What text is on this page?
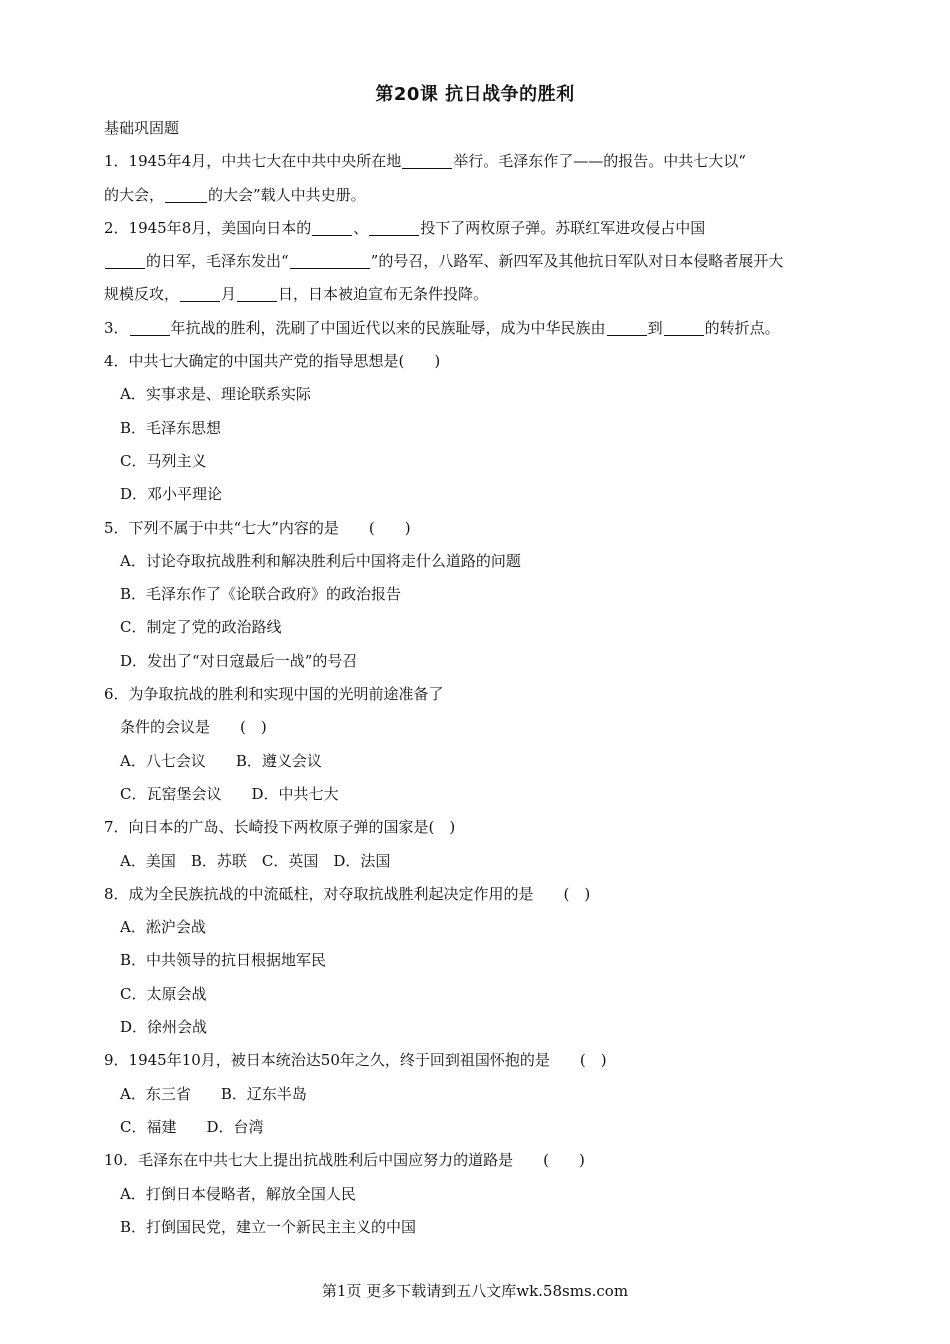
第20课 抗日战争的胜利
基础巩固题
1．1945年4月，中共七大在中共中央所在地	举行。毛泽东作了——的报告。中共七大以“
的大会，	的大会”载人中共史册。
2．1945年8月，美国向日本的	、	投下了两枚原子弹。苏联红军进攻侵占中国
的日军，毛泽东发出“	”的号召，八路军、新四军及其他抗日军队对日本侵略者展开大
规模反攻，	月	日，日本被迫宣布无条件投降。
3．	年抗战的胜利，洗刷了中国近代以来的民族耻辱，成为中华民族由	到	的转折点。
4．中共七大确定的中国共产党的指导思想是(　　)
A．实事求是、理论联系实际
B．毛泽东思想
C．马列主义
D．邓小平理论
5．下列不属于中共“七大”内容的是　　(　　)
A．讨论夺取抗战胜利和解决胜利后中国将走什么道路的问题
B．毛泽东作了《论联合政府》的政治报告
C．制定了党的政治路线
D．发出了“对日寇最后一战”的号召
6．为争取抗战的胜利和实现中国的光明前途准备了
条件的会议是　　(　)
A．八七会议　　B．遵义会议
C．瓦窑堡会议　　D．中共七大
7．向日本的广岛、长崎投下两枚原子弹的国家是(　)
A．美国　B．苏联　C．英国　D．法国
8．成为全民族抗战的中流砥柱，对夺取抗战胜利起决定作用的是　　(　)
A．淞沪会战
B．中共领导的抗日根据地军民
C．太原会战
D．徐州会战
9．1945年10月，被日本统治达50年之久，终于回到祖国怀抱的是　　(　)
A．东三省　　B．辽东半岛
C．福建　　D．台湾
10．毛泽东在中共七大上提出抗战胜利后中国应努力的道路是　　(　　)
A．打倒日本侵略者，解放全国人民
B．打倒国民党，建立一个新民主主义的中国
第1页 更多下载请到五八文库wk.58sms.com
